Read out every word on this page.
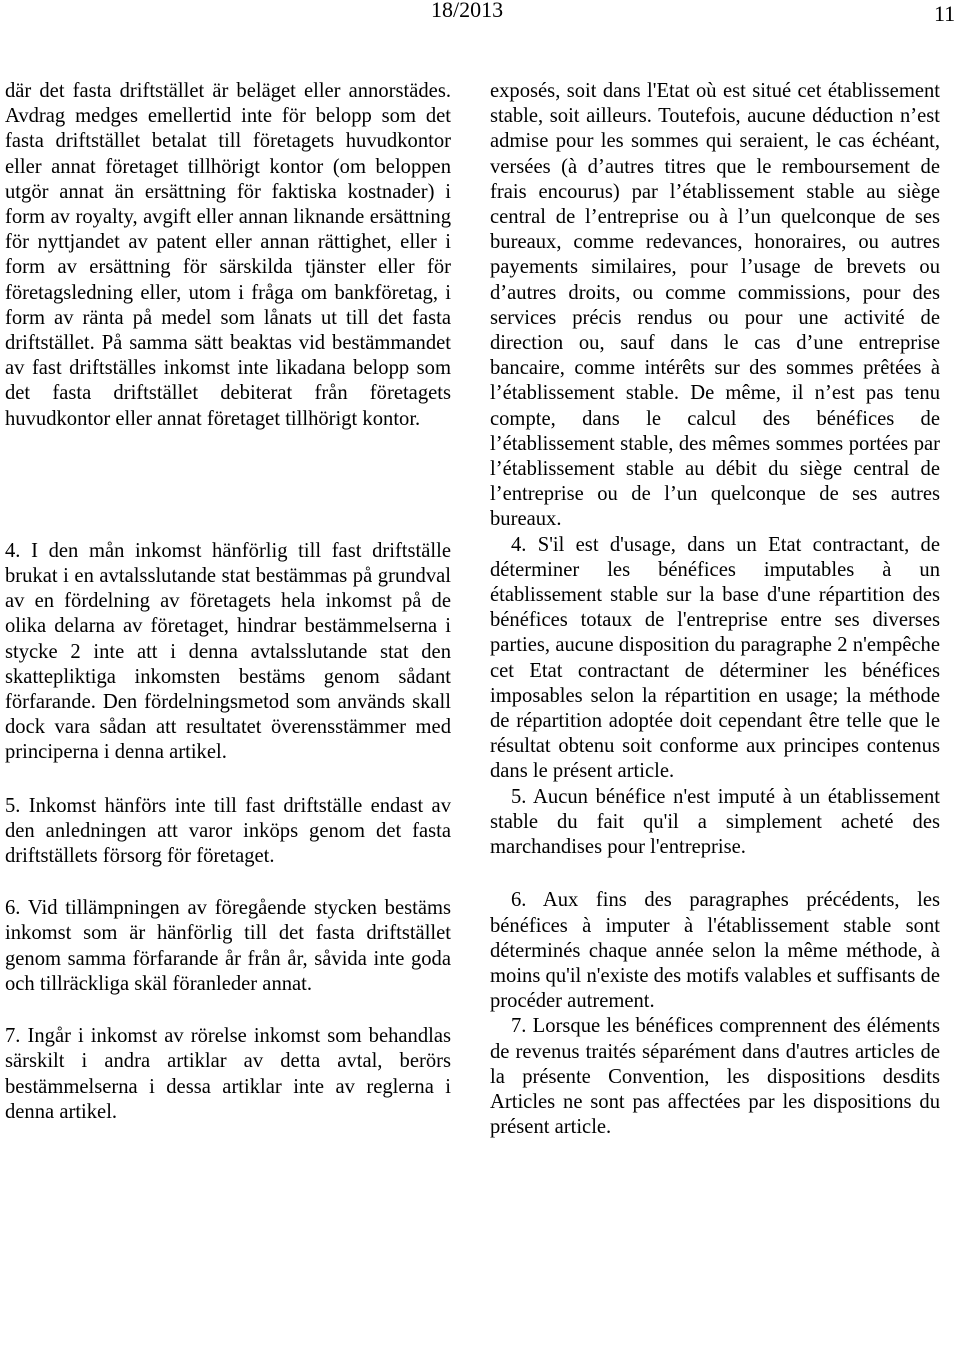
18/2013	11

där det fasta driftstället är beläget eller annorstädes. Avdrag medges emellertid inte för belopp som det fasta driftstället betalat till företagets huvudkontor eller annat företaget tillhörigt kontor (om beloppen utgör annat än ersättning för faktiska kostnader) i form av royalty, avgift eller annan liknande ersättning för nyttjandet av patent eller annan rättighet, eller i form av ersättning för särskilda tjänster eller för företagsledning eller, utom i fråga om bankföretag, i form av ränta på medel som lånats ut till det fasta driftstället. På samma sätt beaktas vid bestämmandet av fast driftställes inkomst inte likadana belopp som det fasta driftstället debiterat från företagets huvudkontor eller annat företaget tillhörigt kontor.

4. I den mån inkomst hänförlig till fast driftställe brukat i en avtalsslutande stat bestämmas på grundval av en fördelning av företagets hela inkomst på de olika delarna av företaget, hindrar bestämmelserna i stycke 2 inte att i denna avtalsslutande stat den skattepliktiga inkomsten bestäms genom sådant förfarande. Den fördelningsmetod som används skall dock vara sådan att resultatet överensstämmer med principerna i denna artikel.

5. Inkomst hänförs inte till fast driftställe endast av den anledningen att varor inköps genom det fasta driftställets försorg för företaget.

6. Vid tillämpningen av föregående stycken bestäms inkomst som är hänförlig till det fasta driftstället genom samma förfarande år från år, såvida inte goda och tillräckliga skäl föranleder annat.

7. Ingår i inkomst av rörelse inkomst som behandlas särskilt i andra artiklar av detta avtal, berörs bestämmelserna i dessa artiklar inte av reglerna i denna artikel.

exposés, soit dans l'Etat où est situé cet établissement stable, soit ailleurs. Toutefois, aucune déduction n’est admise pour les sommes qui seraient, le cas échéant, versées (à d’autres titres que le remboursement de frais encourus) par l’établissement stable au siège central de l’entreprise ou à l’un quelconque de ses bureaux, comme redevances, honoraires, ou autres payements similaires, pour l’usage de brevets ou d’autres droits, ou comme commissions, pour des services précis rendus ou pour une activité de direction ou, sauf dans le cas d’une entreprise bancaire, comme intérêts sur des sommes prêtées à l’établissement stable. De même, il n’est pas tenu compte, dans le calcul des bénéfices de l’établissement stable, des mêmes sommes portées par l’établissement stable au débit du siège central de l’entreprise ou de l’un quelconque de ses autres bureaux.

4. S'il est d'usage, dans un Etat contractant, de déterminer les bénéfices imputables à un établissement stable sur la base d'une répartition des bénéfices totaux de l'entreprise entre ses diverses parties, aucune disposition du paragraphe 2 n'empêche cet Etat contractant de déterminer les bénéfices imposables selon la répartition en usage; la méthode de répartition adoptée doit cependant être telle que le résultat obtenu soit conforme aux principes contenus dans le présent article.

5. Aucun bénéfice n'est imputé à un établissement stable du fait qu'il a simplement acheté des marchandises pour l'entreprise.

6. Aux fins des paragraphes précédents, les bénéfices à imputer à l'établissement stable sont déterminés chaque année selon la même méthode, à moins qu'il n'existe des motifs valables et suffisants de procéder autrement.

7. Lorsque les bénéfices comprennent des éléments de revenus traités séparément dans d'autres articles de la présente Convention, les dispositions desdits Articles ne sont pas affectées par les dispositions du présent article.
